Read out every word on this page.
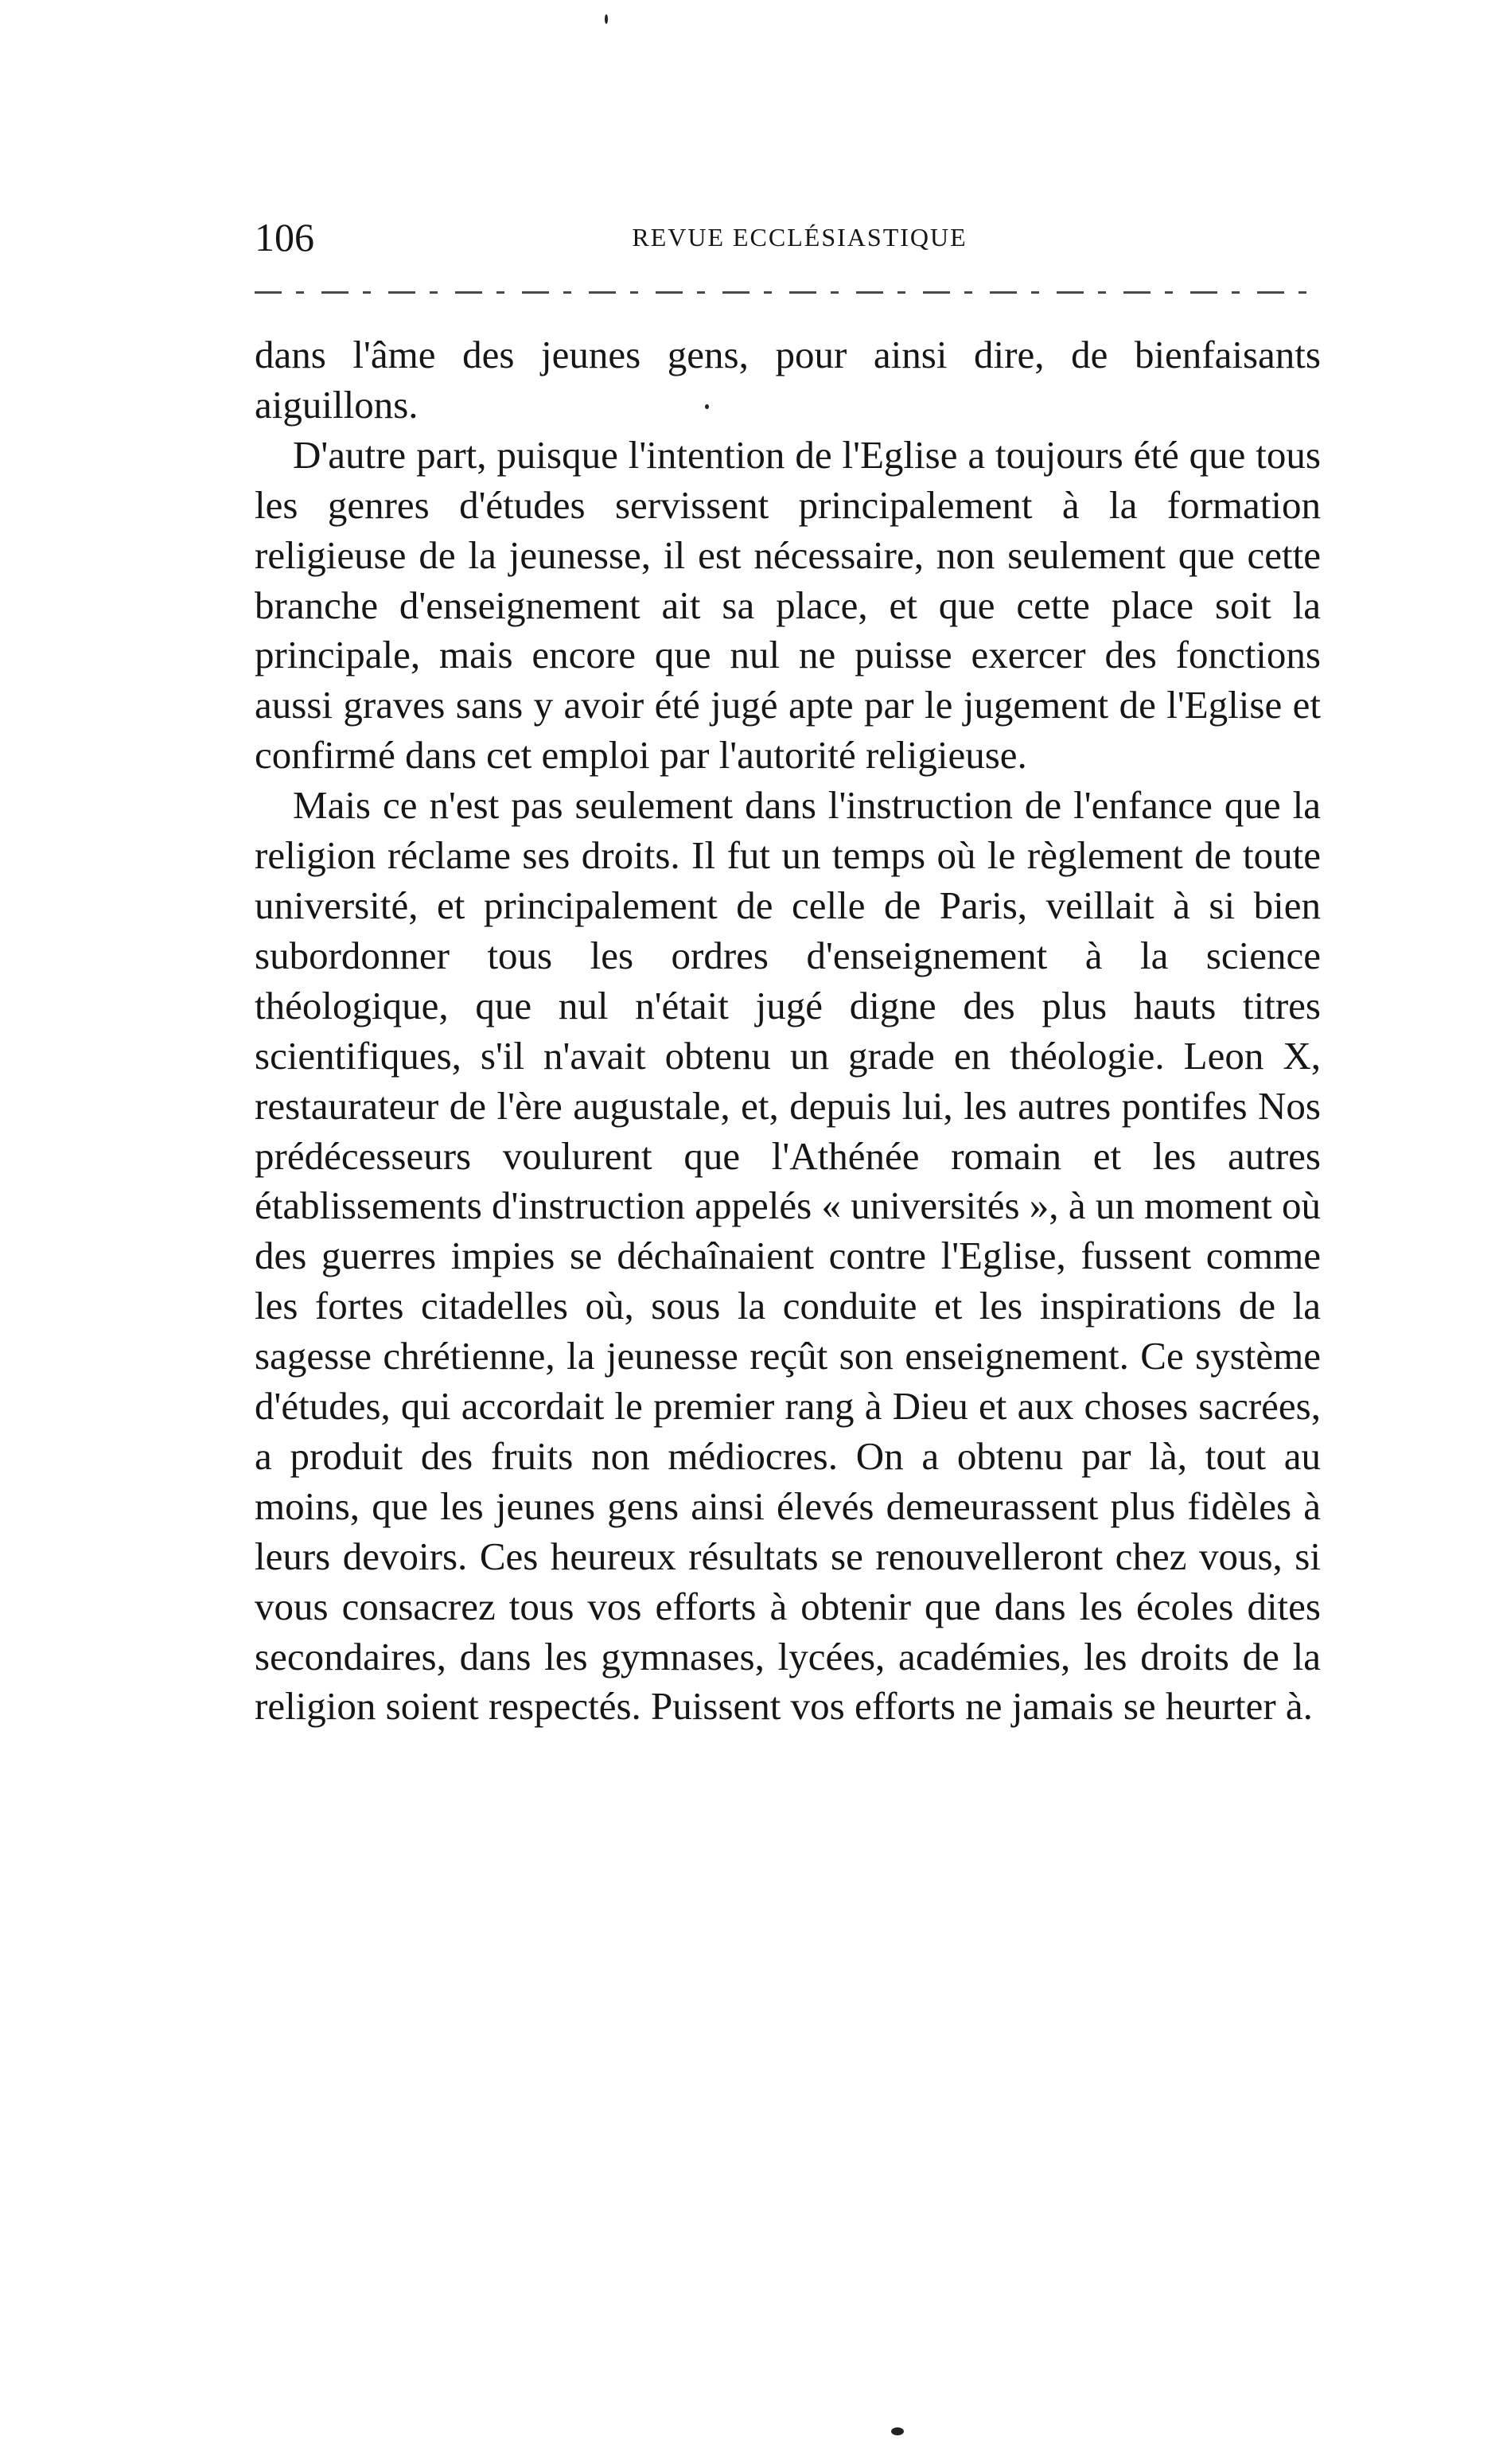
106	REVUE ECCLÉSIASTIQUE

dans l'âme des jeunes gens, pour ainsi dire, de bienfaisants aiguillons.

D'autre part, puisque l'intention de l'Eglise a toujours été que tous les genres d'études servissent principalement à la formation religieuse de la jeunesse, il est nécessaire, non seulement que cette branche d'enseignement ait sa place, et que cette place soit la principale, mais encore que nul ne puisse exercer des fonctions aussi graves sans y avoir été jugé apte par le jugement de l'Eglise et confirmé dans cet emploi par l'autorité religieuse.

Mais ce n'est pas seulement dans l'instruction de l'enfance que la religion réclame ses droits. Il fut un temps où le règlement de toute université, et principalement de celle de Paris, veillait à si bien subordonner tous les ordres d'enseignement à la science théologique, que nul n'était jugé digne des plus hauts titres scientifiques, s'il n'avait obtenu un grade en théologie. Leon X, restaurateur de l'ère augustale, et, depuis lui, les autres pontifes Nos prédécesseurs voulurent que l'Athénée romain et les autres établissements d'instruction appelés « universités », à un moment où des guerres impies se déchaînaient contre l'Eglise, fussent comme les fortes citadelles où, sous la conduite et les inspirations de la sagesse chrétienne, la jeunesse reçût son enseignement. Ce système d'études, qui accordait le premier rang à Dieu et aux choses sacrées, a produit des fruits non médiocres. On a obtenu par là, tout au moins, que les jeunes gens ainsi élevés demeurassent plus fidèles à leurs devoirs. Ces heureux résultats se renouvelleront chez vous, si vous consacrez tous vos efforts à obtenir que dans les écoles dites secondaires, dans les gymnases, lycées, académies, les droits de la religion soient respectés. Puissent vos efforts ne jamais se heurter à.
